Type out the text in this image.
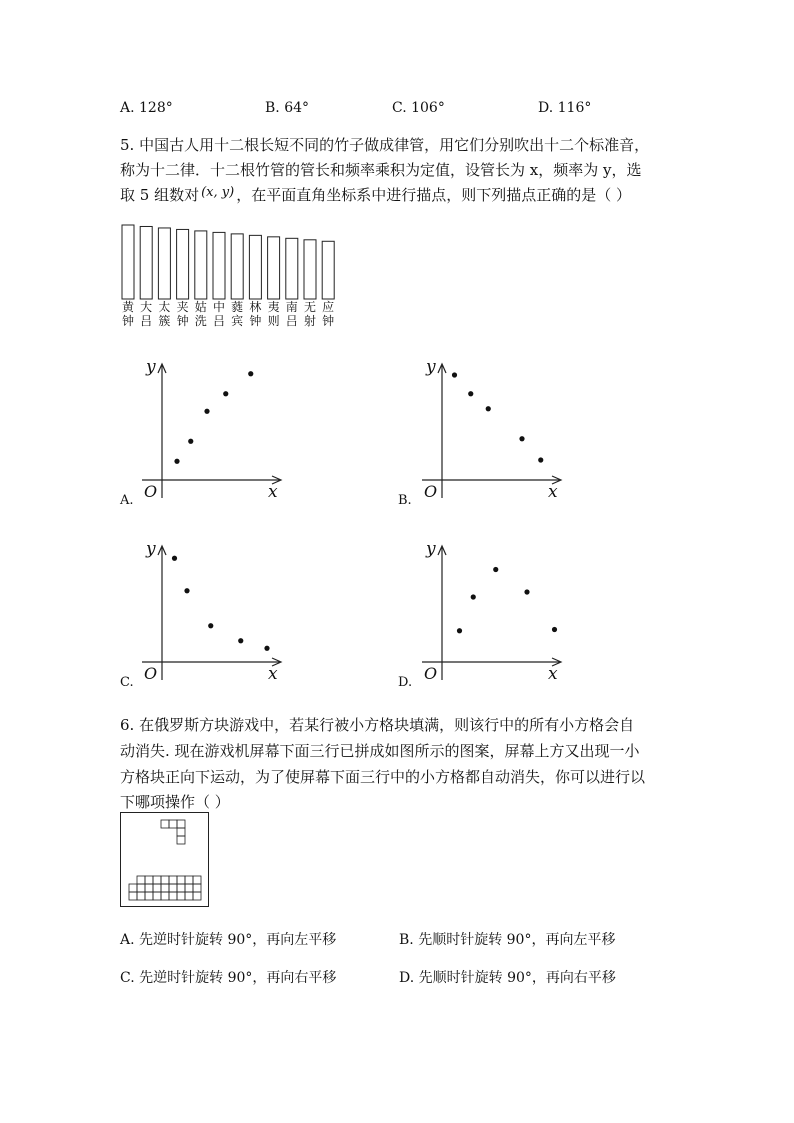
A. 128°	B. 64°	C. 106°	D. 116°
5. 中国古人用十二根长短不同的竹子做成律管，用它们分别吹出十二个标准音，
称为十二律．十二根竹管的管长和频率乘积为定值，设管长为 x，频率为 y，选
取 5 组数对 (x, y) ，在平面直角坐标系中进行描点，则下列描点正确的是（ ）
黄
钟
大
吕
太
簇
夹
钟
姑
洗
中
吕
蕤
宾
林
钟
夷
则
南
吕
无
射
应
钟
x
y
O
A.	x
y
O
B.
x
y
O
C.	x
y
O
D.
6. 在俄罗斯方块游戏中，若某行被小方格块填满，则该行中的所有小方格会自
动消失. 现在游戏机屏幕下面三行已拼成如图所示的图案，屏幕上方又出现一小
方格块正向下运动，为了使屏幕下面三行中的小方格都自动消失，你可以进行以
下哪项操作（ ）
A. 先逆时针旋转 90°，再向左平移	B. 先顺时针旋转 90°，再向左平移
C. 先逆时针旋转 90°，再向右平移	D. 先顺时针旋转 90°，再向右平移
